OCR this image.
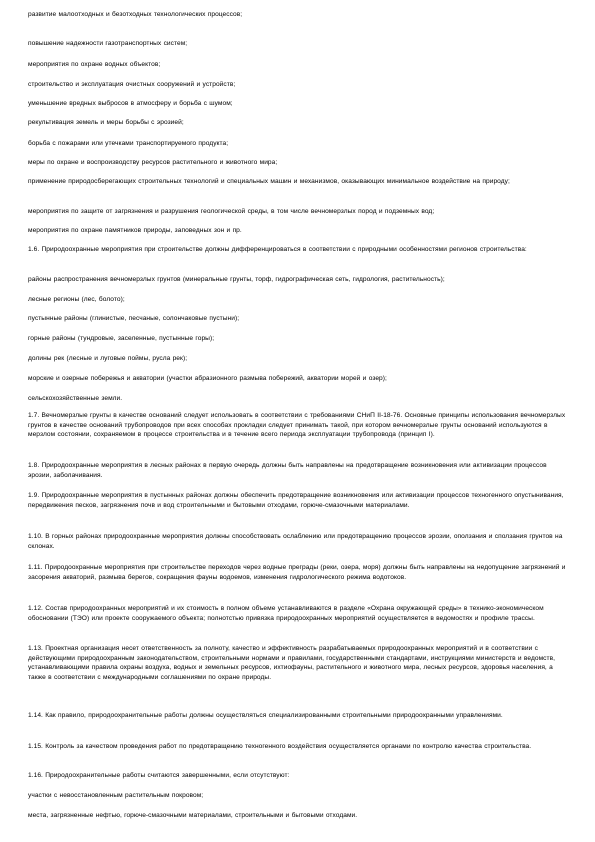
развитие малоотходных и безотходных технологических процессов;

повышение надежности газотранспортных систем;

мероприятия по охране водных объектов;

строительство и эксплуатация очистных сооружений и устройств;

уменьшение вредных выбросов в атмосферу и борьба с шумом;

рекультивация земель и меры борьбы с эрозией;

борьба с пожарами или утечками транспортируемого продукта;

меры по охране и воспроизводству ресурсов растительного и животного мира;

применение природосберегающих строительных технологий и специальных машин и механизмов, оказывающих минимальное воздействие на природу;

мероприятия по защите от загрязнения и разрушения геологической среды, в том числе вечномерзлых пород и подземных вод;

мероприятия по охране памятников природы, заповедных зон и пр.

1.6. Природоохранные мероприятия при строительстве должны дифференцироваться в соответствии с природными особенностями регионов строительства:

районы распространения вечномерзлых грунтов (минеральные грунты, торф, гидрографическая сеть, гидрология, растительность);

лесные регионы (лес, болото);

пустынные районы (глинистые, песчаные, солончаковые пустыни);

горные районы (тундровые, заселенные, пустынные горы);

долины рек (лесные и луговые поймы, русла рек);

морские и озерные побережья и акватории (участки абразионного размыва побережий, акватории морей и озер);

сельскохозяйственные земли.

1.7. Вечномерзлые грунты в качестве оснований следует использовать в соответствии с требованиями СНиП II-18-76. Основные принципы использования вечномерзлых грунтов в качестве оснований трубопроводов при всех способах прокладки следует принимать такой, при котором вечномерзлые грунты оснований используются в мерзлом состоянии, сохраняемом в процессе строительства и в течение всего периода эксплуатации трубопровода (принцип I).

1.8. Природоохранные мероприятия в лесных районах в первую очередь должны быть направлены на предотвращение возникновения или активизации процессов эрозии, заболачивания.

1.9. Природоохранные мероприятия в пустынных районах должны обеспечить предотвращение возникновения или активизации процессов техногенного опустынивания, передвижения песков, загрязнения почв и вод строительными и бытовыми отходами, горюче-смазочными материалами.

1.10. В горных районах природоохранные мероприятия должны способствовать ослаблению или предотвращению процессов эрозии, оползания и сползания грунтов на склонах.

1.11. Природоохранные мероприятия при строительстве переходов через водные преграды (реки, озера, моря) должны быть направлены на недопущение загрязнений и засорения акваторий, размыва берегов, сокращения фауны водоемов, изменения гидрологического режима водотоков.

1.12. Состав природоохранных мероприятий и их стоимость в полном объеме устанавливаются в разделе «Охрана окружающей среды» в технико-экономическом обосновании (ТЭО) или проекте сооружаемого объекта; полнотстью привязка природоохранных мероприятий осуществляется в ведомостях и профиле трассы.

1.13. Проектная организация несет ответственность за полноту, качество и эффективность разрабатываемых природоохранных мероприятий и в соответствии с действующими природоохранным законодательством, строительными нормами и правилами, государственными стандартами, инструкциями министерств и ведомств, устанавливающими правила охраны воздуха, водных и земельных ресурсов, ихтиофауны, растительного и животного мира, лесных ресурсов, здоровья населения, а также в соответствии с международными соглашениями по охране природы.

1.14. Как правило, природоохранительные работы должны осуществляться специализированными строительными природоохранными управлениями.

1.15. Контроль за качеством проведения работ по предотвращению техногенного воздействия осуществляется органами по контролю качества строительства.

1.16. Природоохранительные работы считаются завершенными, если отсутствуют:

участки с невосстановленным растительным покровом;

места, загрязненные нефтью, горюче-смазочными материалами, строительными и бытовыми отходами.
